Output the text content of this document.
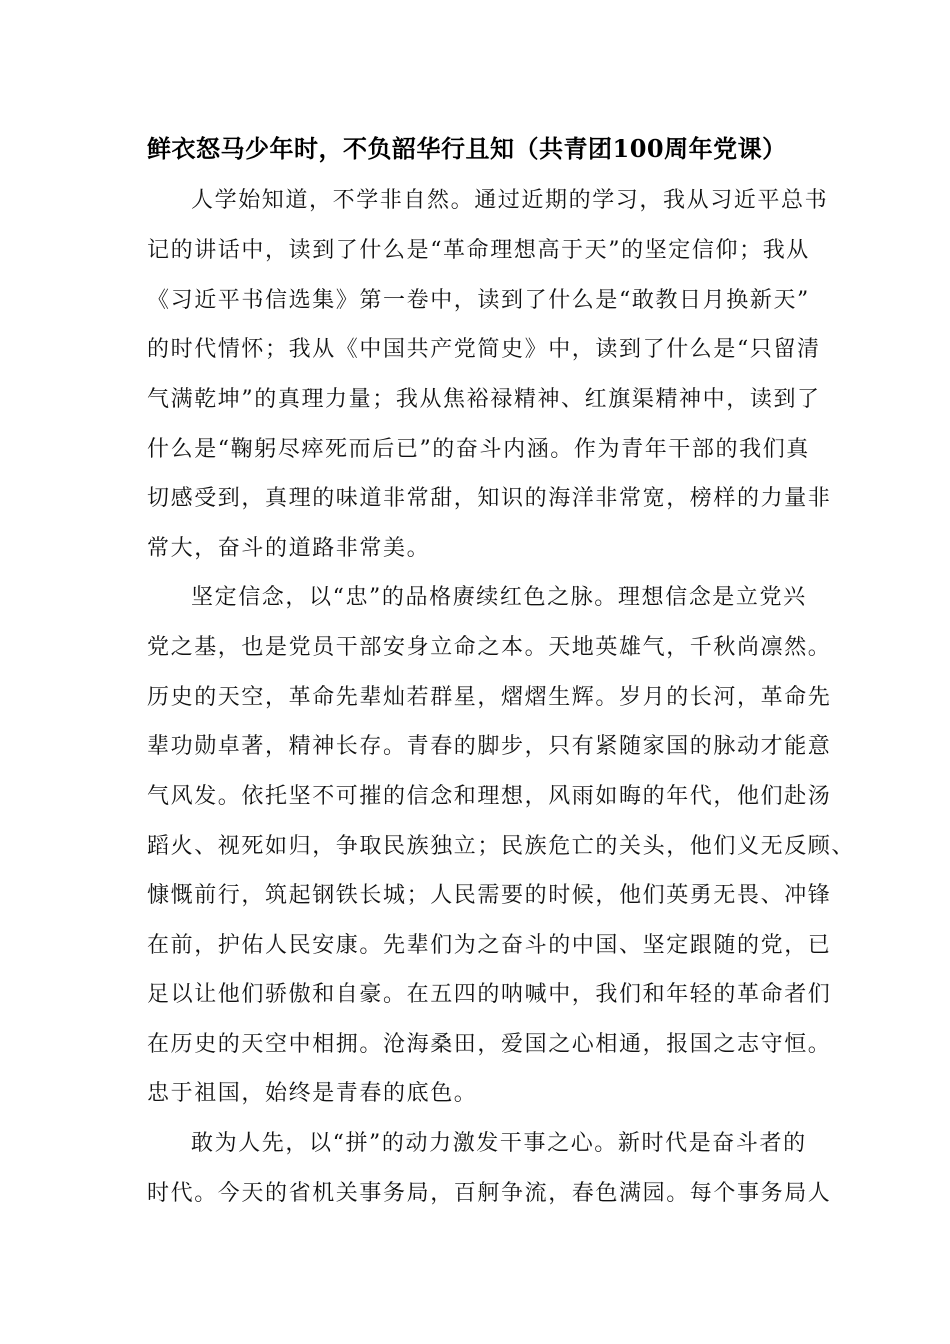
鲜衣怒马少年时，不负韶华行且知（共青团100周年党课）
人学始知道，不学非自然。通过近期的学习，我从习近平总书
记的讲话中，读到了什么是“革命理想高于天”的坚定信仰；我从
《习近平书信选集》第一卷中，读到了什么是“敢教日月换新天”
的时代情怀；我从《中国共产党简史》中，读到了什么是“只留清
气满乾坤”的真理力量；我从焦裕禄精神、红旗渠精神中，读到了
什么是“鞠躬尽瘁死而后已”的奋斗内涵。作为青年干部的我们真
切感受到，真理的味道非常甜，知识的海洋非常宽，榜样的力量非
常大，奋斗的道路非常美。
坚定信念，以“忠”的品格赓续红色之脉。理想信念是立党兴
党之基，也是党员干部安身立命之本。天地英雄气，千秋尚凛然。
历史的天空，革命先辈灿若群星，熠熠生辉。岁月的长河，革命先
辈功勋卓著，精神长存。青春的脚步，只有紧随家国的脉动才能意
气风发。依托坚不可摧的信念和理想，风雨如晦的年代，他们赴汤
蹈火、视死如归，争取民族独立；民族危亡的关头，他们义无反顾、
慷慨前行，筑起钢铁长城；人民需要的时候，他们英勇无畏、冲锋
在前，护佑人民安康。先辈们为之奋斗的中国、坚定跟随的党，已
足以让他们骄傲和自豪。在五四的呐喊中，我们和年轻的革命者们
在历史的天空中相拥。沧海桑田，爱国之心相通，报国之志守恒。
忠于祖国，始终是青春的底色。
敢为人先，以“拼”的动力激发干事之心。新时代是奋斗者的
时代。今天的省机关事务局，百舸争流，春色满园。每个事务局人
